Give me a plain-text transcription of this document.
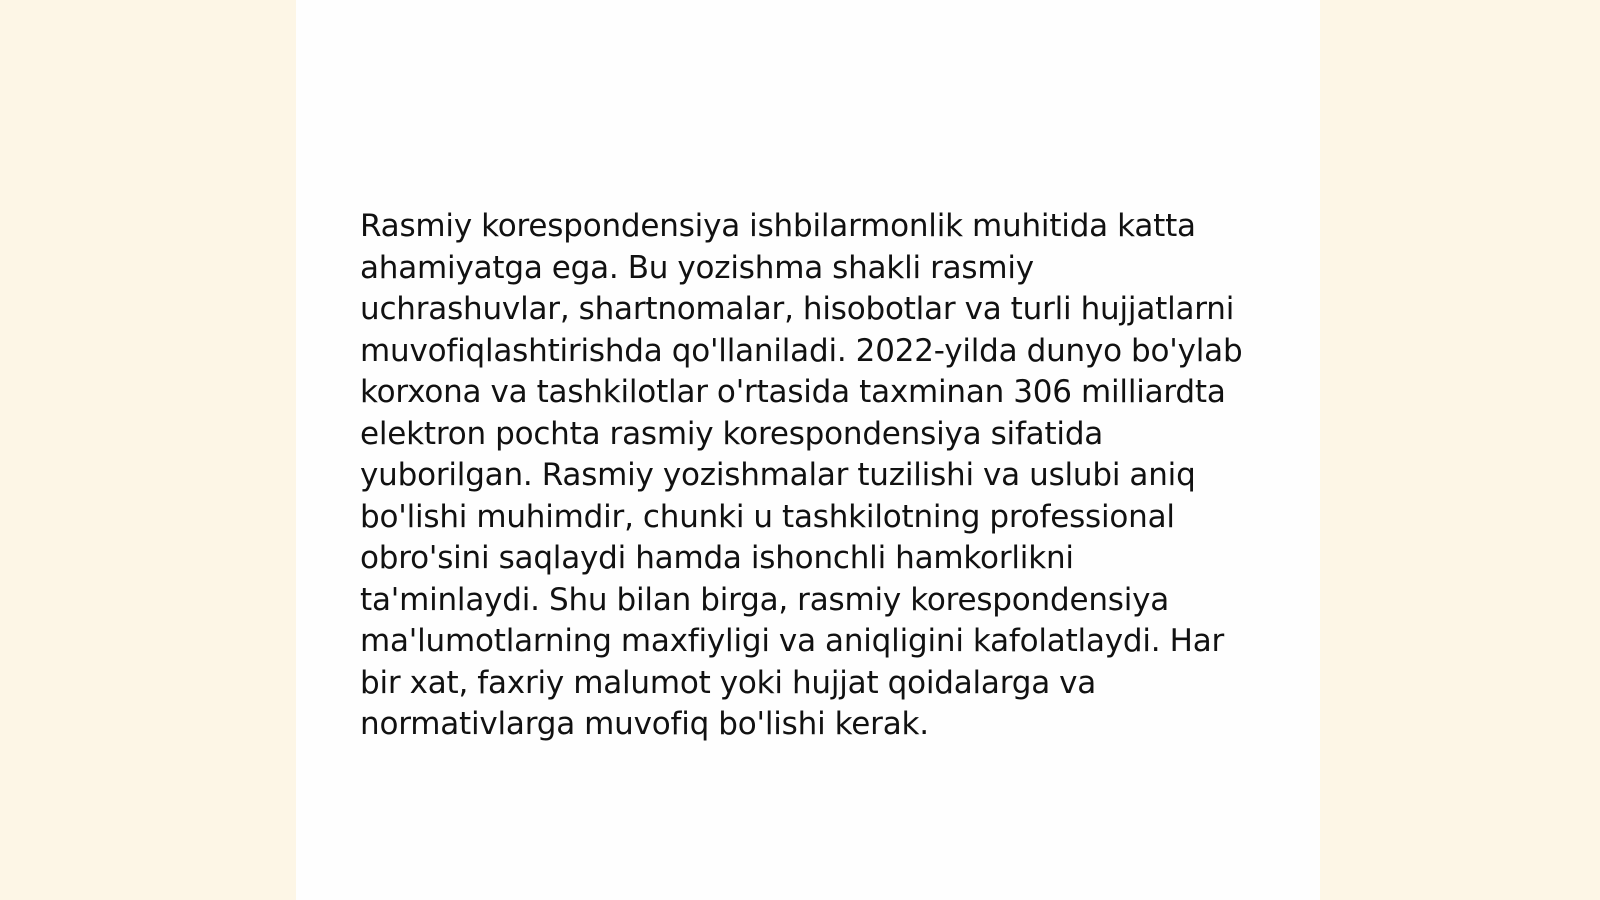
Rasmiy korespondensiya ishbilarmonlik muhitida katta ahamiyatga ega. Bu yozishma shakli rasmiy uchrashuvlar, shartnomalar, hisobotlar va turli hujjatlarni muvofiqlashtirishda qo'llaniladi. 2022-yilda dunyo bo'ylab korxona va tashkilotlar o'rtasida taxminan 306 milliardta elektron pochta rasmiy korespondensiya sifatida yuborilgan. Rasmiy yozishmalar tuzilishi va uslubi aniq bo'lishi muhimdir, chunki u tashkilotning professional obro'sini saqlaydi hamda ishonchli hamkorlikni ta'minlaydi. Shu bilan birga, rasmiy korespondensiya ma'lumotlarning maxfiyligi va aniqligini kafolatlaydi. Har bir xat, faxriy malumot yoki hujjat qoidalarga va normativlarga muvofiq bo'lishi kerak.
